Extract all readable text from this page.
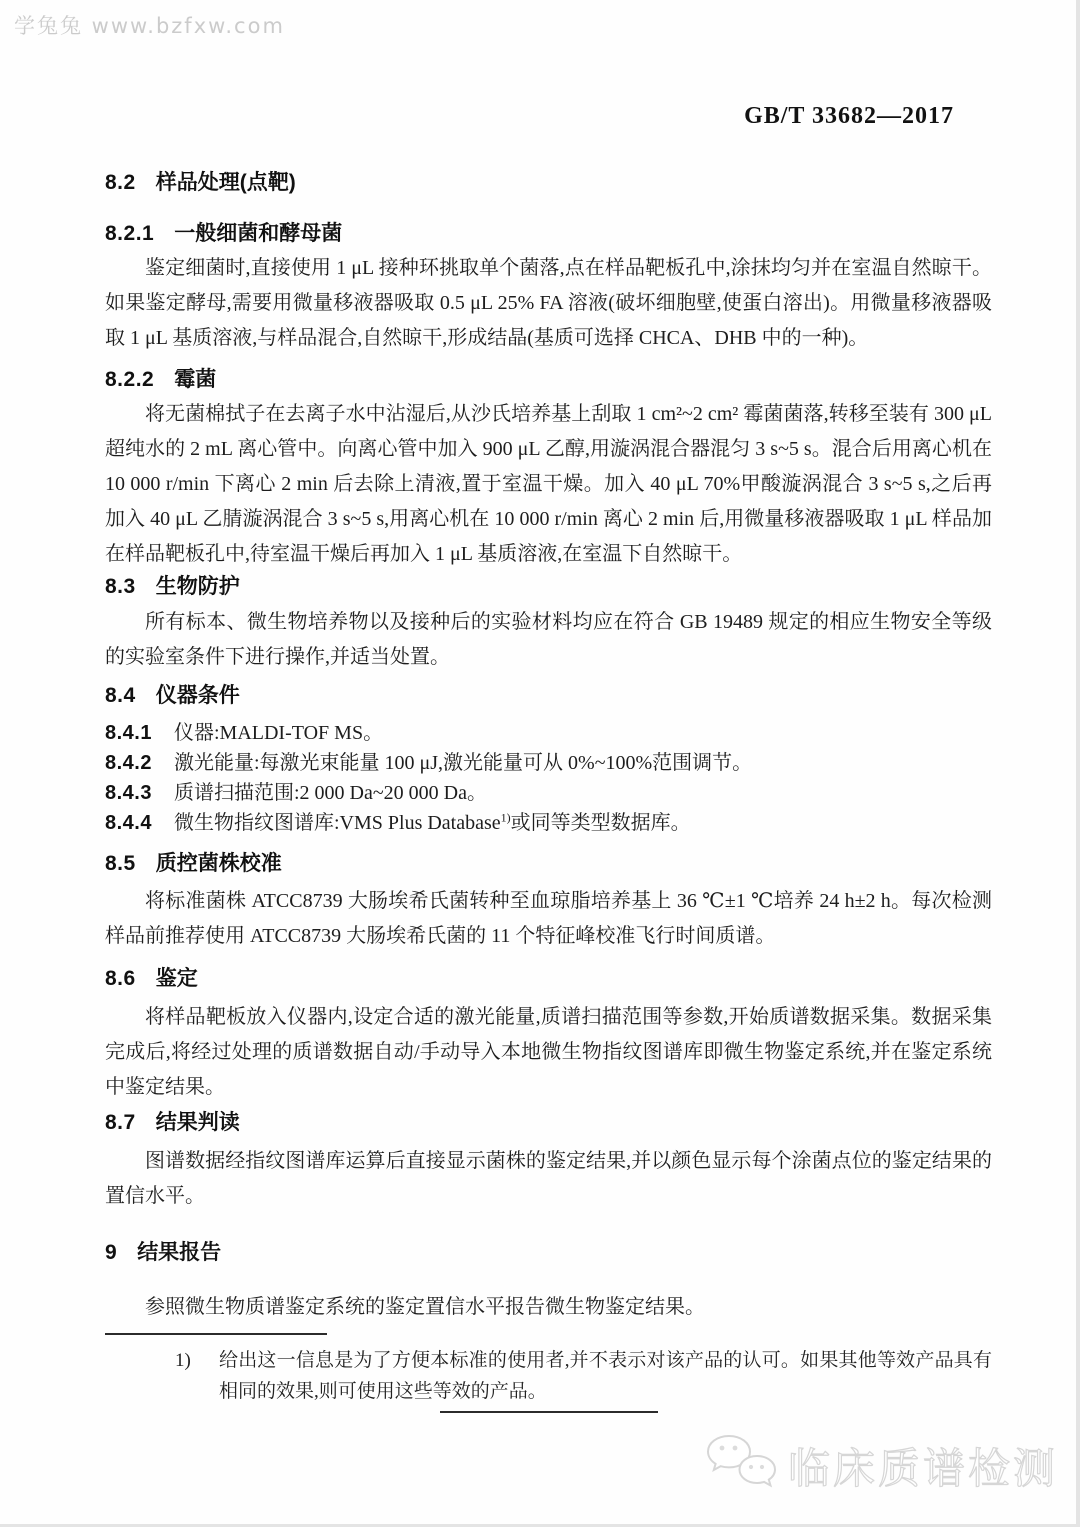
学兔兔 www.bzfxw.com
GB/T 33682—2017
8.2 样品处理(点靶)
8.2.1 一般细菌和酵母菌

鉴定细菌时,直接使用 1 μL 接种环挑取单个菌落,点在样品靶板孔中,涂抹均匀并在室温自然晾干。如果鉴定酵母,需要用微量移液器吸取 0.5 μL 25% FA 溶液(破坏细胞壁,使蛋白溶出)。用微量移液器吸取 1 μL 基质溶液,与样品混合,自然晾干,形成结晶(基质可选择 CHCA、DHB 中的一种)。

8.2.2 霉菌

将无菌棉拭子在去离子水中沾湿后,从沙氏培养基上刮取 1 cm²~2 cm² 霉菌菌落,转移至装有 300 μL 超纯水的 2 mL 离心管中。向离心管中加入 900 μL 乙醇,用漩涡混合器混匀 3 s~5 s。混合后用离心机在 10 000 r/min 下离心 2 min 后去除上清液,置于室温干燥。加入 40 μL 70%甲酸漩涡混合 3 s~5 s,之后再加入 40 μL 乙腈漩涡混合 3 s~5 s,用离心机在 10 000 r/min 离心 2 min 后,用微量移液器吸取 1 μL 样品加在样品靶板孔中,待室温干燥后再加入 1 μL 基质溶液,在室温下自然晾干。

8.3 生物防护

所有标本、微生物培养物以及接种后的实验材料均应在符合 GB 19489 规定的相应生物安全等级的实验室条件下进行操作,并适当处置。

8.4 仪器条件
8.4.1 仪器:MALDI-TOF MS。
8.4.2 激光能量:每激光束能量 100 μJ,激光能量可从 0%~100%范围调节。
8.4.3 质谱扫描范围:2 000 Da~20 000 Da。
8.4.4 微生物指纹图谱库:VMS Plus Database$^{1)}$或同等类型数据库。
8.5 质控菌株校准

将标准菌株 ATCC8739 大肠埃希氏菌转种至血琼脂培养基上 36 ℃±1 ℃培养 24 h±2 h。每次检测样品前推荐使用 ATCC8739 大肠埃希氏菌的 11 个特征峰校准飞行时间质谱。

8.6 鉴定

将样品靶板放入仪器内,设定合适的激光能量,质谱扫描范围等参数,开始质谱数据采集。数据采集完成后,将经过处理的质谱数据自动/手动导入本地微生物指纹图谱库即微生物鉴定系统,并在鉴定系统中鉴定结果。

8.7 结果判读

图谱数据经指纹图谱库运算后直接显示菌株的鉴定结果,并以颜色显示每个涂菌点位的鉴定结果的置信水平。

9 结果报告

参照微生物质谱鉴定系统的鉴定置信水平报告微生物鉴定结果。

1)	给出这一信息是为了方便本标准的使用者,并不表示对该产品的认可。如果其他等效产品具有相同的效果,则可使用这些等效的产品。
临床质谱检测
